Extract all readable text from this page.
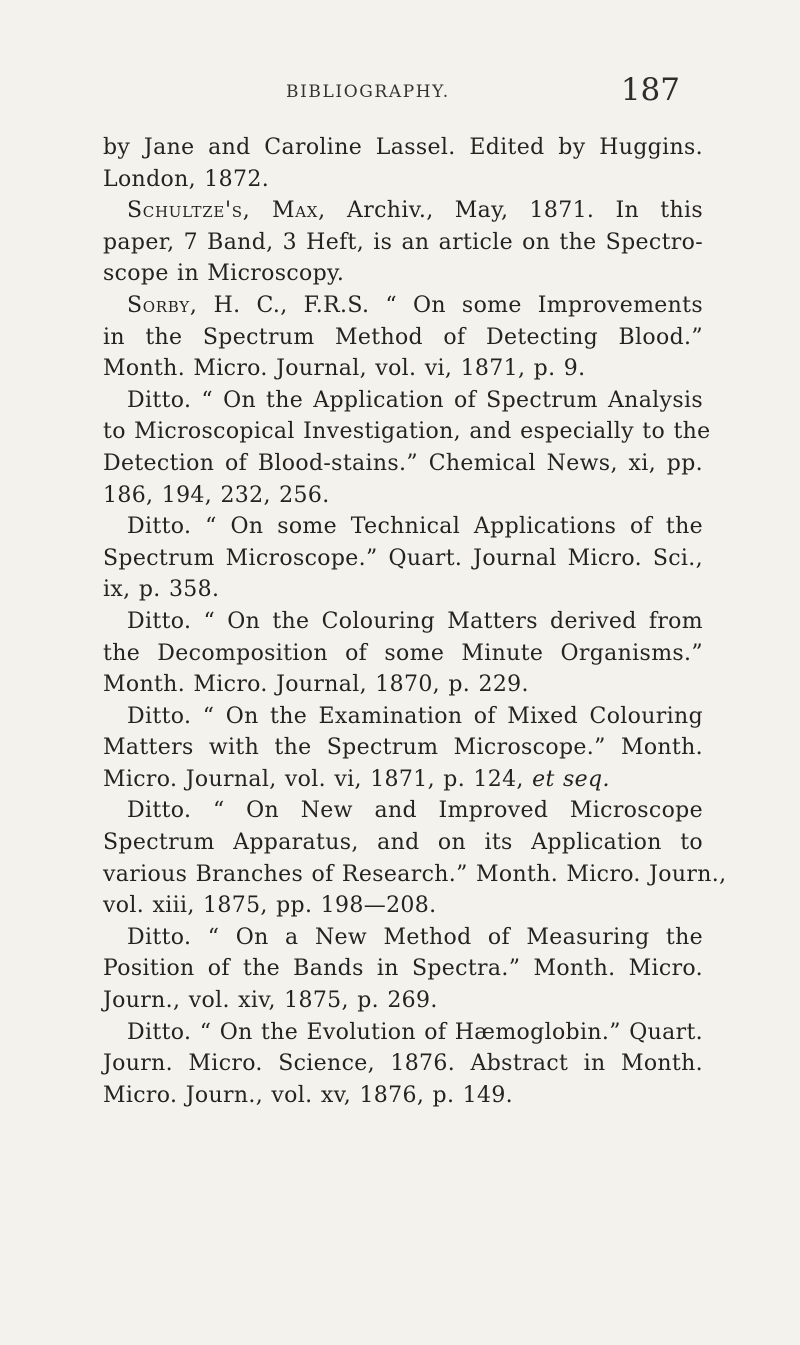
BIBLIOGRAPHY.	187
by Jane and Caroline Lassel. Edited by Huggins.
London, 1872.
Schultze's, Max, Archiv., May, 1871. In this
paper, 7 Band, 3 Heft, is an article on the Spectro-
scope in Microscopy.
Sorby, H. C., F.R.S. “ On some Improvements
in the Spectrum Method of Detecting Blood.”
Month. Micro. Journal, vol. vi, 1871, p. 9.
Ditto. “ On the Application of Spectrum Analysis
to Microscopical Investigation, and especially to the
Detection of Blood-stains.” Chemical News, xi, pp.
186, 194, 232, 256.
Ditto. “ On some Technical Applications of the
Spectrum Microscope.” Quart. Journal Micro. Sci.,
ix, p. 358.
Ditto. “ On the Colouring Matters derived from
the Decomposition of some Minute Organisms.”
Month. Micro. Journal, 1870, p. 229.
Ditto. “ On the Examination of Mixed Colouring
Matters with the Spectrum Microscope.” Month.
Micro. Journal, vol. vi, 1871, p. 124, et seq.
Ditto. “ On New and Improved Microscope
Spectrum Apparatus, and on its Application to
various Branches of Research.” Month. Micro. Journ.,
vol. xiii, 1875, pp. 198—208.
Ditto. “ On a New Method of Measuring the
Position of the Bands in Spectra.” Month. Micro.
Journ., vol. xiv, 1875, p. 269.
Ditto. “ On the Evolution of Hæmoglobin.” Quart.
Journ. Micro. Science, 1876. Abstract in Month.
Micro. Journ., vol. xv, 1876, p. 149.
